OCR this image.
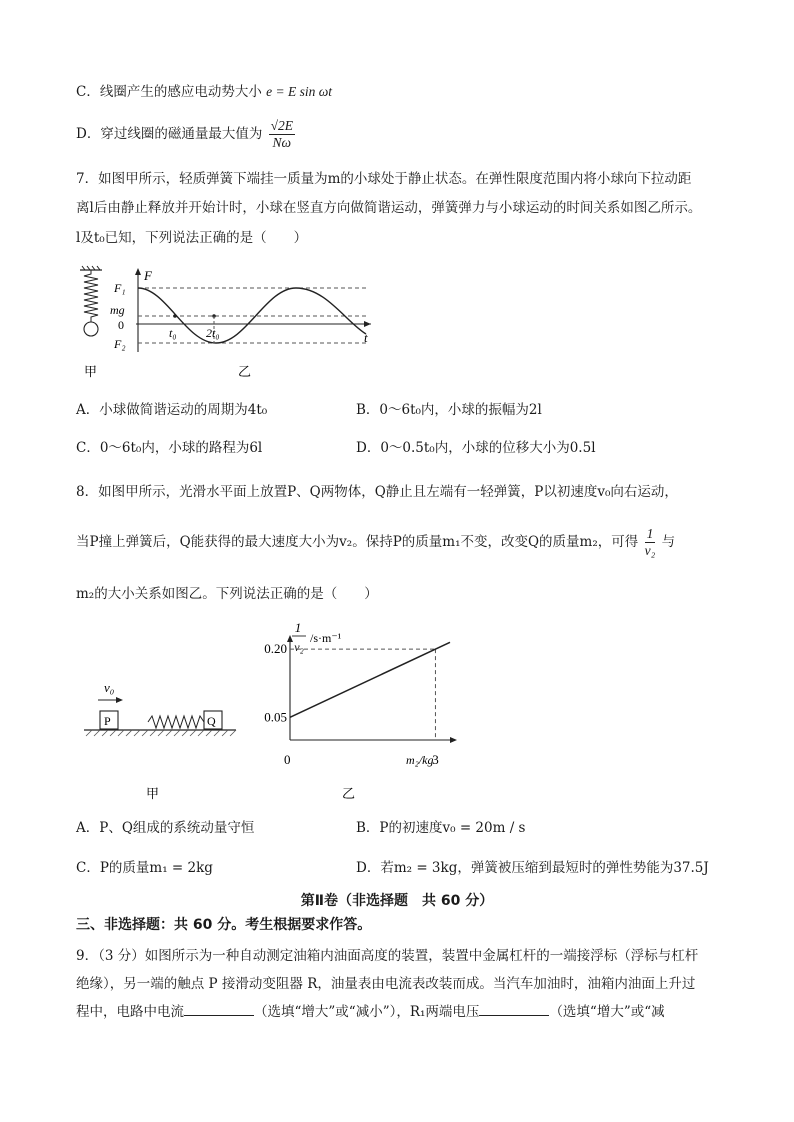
C．线圈产生的感应电动势大小 e = E sin ωt
D．穿过线圈的磁通量最大值为 $\frac{√2E}{N\omega}$
7．如图甲所示，轻质弹簧下端挂一质量为m的小球处于静止状态。在弹性限度范围内将小球向下拉动距
离l后由静止释放并开始计时，小球在竖直方向做简谐运动，弹簧弹力与小球运动的时间关系如图乙所示。
l及t₀已知，下列说法正确的是（　　）
F
t
F₁
mg
0
F₂
t₀ 2t₀
甲	乙
A．小球做简谐运动的周期为4t₀	B．0～6t₀内，小球的振幅为2l
C．0～6t₀内，小球的路程为6l	D．0～0.5t₀内，小球的位移大小为0.5l
8．如图甲所示，光滑水平面上放置P、Q两物体，Q静止且左端有一轻弹簧，P以初速度v₀向右运动，
当P撞上弹簧后，Q能获得的最大速度大小为v₂。保持P的质量m₁不变，改变Q的质量m₂，可得 $\frac{1}{\text{v₂}}$ 与
m₂的大小关系如图乙。下列说法正确的是（　　）
v₀
P	Q
甲
1
v₂
/s·m⁻¹
0.20
0.05
0	3
m₂/kg
乙
A．P、Q组成的系统动量守恒	B．P的初速度v₀ = 20m / s
C．P的质量m₁ = 2kg	D．若m₂ = 3kg，弹簧被压缩到最短时的弹性势能为37.5J
第Ⅱ卷（非选择题　共 60 分）
三、非选择题：共 60 分。考生根据要求作答。
9．（3 分）如图所示为一种自动测定油箱内油面高度的装置，装置中金属杠杆的一端接浮标（浮标与杠杆
绝缘），另一端的触点 P 接滑动变阻器 R，油量表由电流表改装而成。当汽车加油时，油箱内油面上升过
程中，电路中电流	（选填“增大”或“减小”），R₁两端电压	（选填“增大”或“减
